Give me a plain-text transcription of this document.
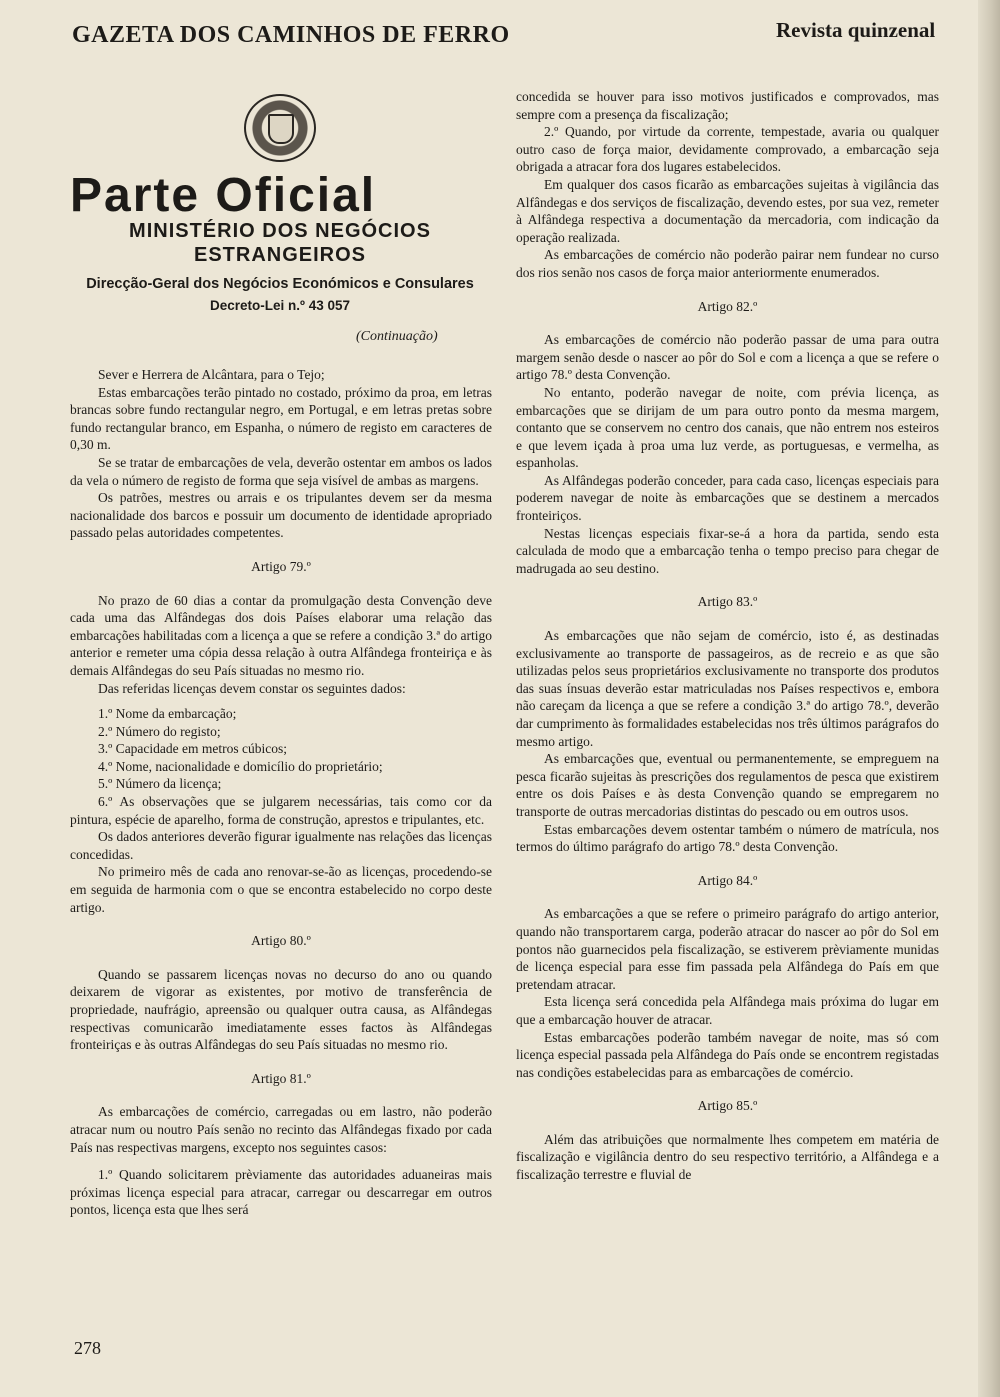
GAZETA DOS CAMINHOS DE FERRO	Revista quinzenal
Parte Oficial
MINISTÉRIO DOS NEGÓCIOS
ESTRANGEIROS
Direcção-Geral dos Negócios Económicos e Consulares
Decreto-Lei n.º 43 057
(Continuação)

Sever e Herrera de Alcântara, para o Tejo;

Estas embarcações terão pintado no costado, próximo da proa, em letras brancas sobre fundo rectangular negro, em Portugal, e em letras pretas sobre fundo rectangular branco, em Espanha, o número de registo em caracteres de 0,30 m.

Se se tratar de embarcações de vela, deverão ostentar em ambos os lados da vela o número de registo de forma que seja visível de ambas as margens.

Os patrões, mestres ou arrais e os tripulantes devem ser da mesma nacionalidade dos barcos e possuir um documento de identidade apropriado passado pelas autoridades competentes.

Artigo 79.º

No prazo de 60 dias a contar da promulgação desta Convenção deve cada uma das Alfândegas dos dois Países elaborar uma relação das embarcações habilitadas com a licença a que se refere a condição 3.ª do artigo anterior e remeter uma cópia dessa relação à outra Alfândega fronteiriça e às demais Alfândegas do seu País situadas no mesmo rio.

Das referidas licenças devem constar os seguintes dados:

1.º Nome da embarcação;

2.º Número do registo;

3.º Capacidade em metros cúbicos;

4.º Nome, nacionalidade e domicílio do proprietário;

5.º Número da licença;

6.º As observações que se julgarem necessárias, tais como cor da pintura, espécie de aparelho, forma de construção, aprestos e tripulantes, etc.

Os dados anteriores deverão figurar igualmente nas relações das licenças concedidas.

No primeiro mês de cada ano renovar-se-ão as licenças, procedendo-se em seguida de harmonia com o que se encontra estabelecido no corpo deste artigo.

Artigo 80.º

Quando se passarem licenças novas no decurso do ano ou quando deixarem de vigorar as existentes, por motivo de transferência de propriedade, naufrágio, apreensão ou qualquer outra causa, as Alfândegas respectivas comunicarão imediatamente esses factos às Alfândegas fronteiriças e às outras Alfândegas do seu País situadas no mesmo rio.

Artigo 81.º

As embarcações de comércio, carregadas ou em lastro, não poderão atracar num ou noutro País senão no recinto das Alfândegas fixado por cada País nas respectivas margens, excepto nos seguintes casos:

1.º Quando solicitarem prèviamente das autoridades aduaneiras mais próximas licença especial para atracar, carregar ou descarregar em outros pontos, licença esta que lhes será

concedida se houver para isso motivos justificados e comprovados, mas sempre com a presença da fiscalização;

2.º Quando, por virtude da corrente, tempestade, avaria ou qualquer outro caso de força maior, devidamente comprovado, a embarcação seja obrigada a atracar fora dos lugares estabelecidos.

Em qualquer dos casos ficarão as embarcações sujeitas à vigilância das Alfândegas e dos serviços de fiscalização, devendo estes, por sua vez, remeter à Alfândega respectiva a documentação da mercadoria, com indicação da operação realizada.

As embarcações de comércio não poderão pairar nem fundear no curso dos rios senão nos casos de força maior anteriormente enumerados.

Artigo 82.º

As embarcações de comércio não poderão passar de uma para outra margem senão desde o nascer ao pôr do Sol e com a licença a que se refere o artigo 78.º desta Convenção.

No entanto, poderão navegar de noite, com prévia licença, as embarcações que se dirijam de um para outro ponto da mesma margem, contanto que se conservem no centro dos canais, que não entrem nos esteiros e que levem içada à proa uma luz verde, as portuguesas, e vermelha, as espanholas.

As Alfândegas poderão conceder, para cada caso, licenças especiais para poderem navegar de noite às embarcações que se destinem a mercados fronteiriços.

Nestas licenças especiais fixar-se-á a hora da partida, sendo esta calculada de modo que a embarcação tenha o tempo preciso para chegar de madrugada ao seu destino.

Artigo 83.º

As embarcações que não sejam de comércio, isto é, as destinadas exclusivamente ao transporte de passageiros, as de recreio e as que são utilizadas pelos seus proprietários exclusivamente no transporte dos produtos das suas ínsuas deverão estar matriculadas nos Países respectivos e, embora não careçam da licença a que se refere a condição 3.ª do artigo 78.º, deverão dar cumprimento às formalidades estabelecidas nos três últimos parágrafos do mesmo artigo.

As embarcações que, eventual ou permanentemente, se empreguem na pesca ficarão sujeitas às prescrições dos regulamentos de pesca que existirem entre os dois Países e às desta Convenção quando se empregarem no transporte de outras mercadorias distintas do pescado ou em outros usos.

Estas embarcações devem ostentar também o número de matrícula, nos termos do último parágrafo do artigo 78.º desta Convenção.

Artigo 84.º

As embarcações a que se refere o primeiro parágrafo do artigo anterior, quando não transportarem carga, poderão atracar do nascer ao pôr do Sol em pontos não guarnecidos pela fiscalização, se estiverem prèviamente munidas de licença especial para esse fim passada pela Alfândega do País em que pretendam atracar.

Esta licença será concedida pela Alfândega mais próxima do lugar em que a embarcação houver de atracar.

Estas embarcações poderão também navegar de noite, mas só com licença especial passada pela Alfândega do País onde se encontrem registadas nas condições estabelecidas para as embarcações de comércio.

Artigo 85.º

Além das atribuições que normalmente lhes competem em matéria de fiscalização e vigilância dentro do seu respectivo território, a Alfândega e a fiscalização terrestre e fluvial de

278
